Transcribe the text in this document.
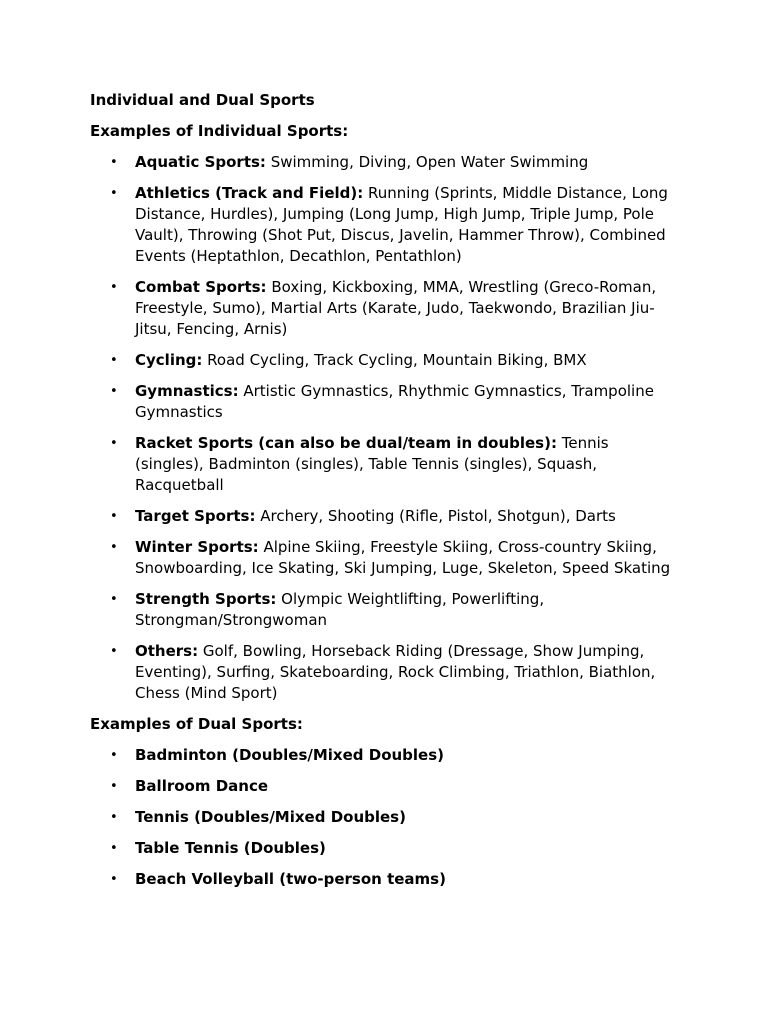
Individual and Dual Sports
Examples of Individual Sports:
• Aquatic Sports: Swimming, Diving, Open Water Swimming
• Athletics (Track and Field): Running (Sprints, Middle Distance, Long Distance, Hurdles), Jumping (Long Jump, High Jump, Triple Jump, Pole Vault), Throwing (Shot Put, Discus, Javelin, Hammer Throw), Combined Events (Heptathlon, Decathlon, Pentathlon)
• Combat Sports: Boxing, Kickboxing, MMA, Wrestling (Greco-Roman, Freestyle, Sumo), Martial Arts (Karate, Judo, Taekwondo, Brazilian Jiu-Jitsu, Fencing, Arnis)
• Cycling: Road Cycling, Track Cycling, Mountain Biking, BMX
• Gymnastics: Artistic Gymnastics, Rhythmic Gymnastics, Trampoline Gymnastics
• Racket Sports (can also be dual/team in doubles): Tennis (singles), Badminton (singles), Table Tennis (singles), Squash, Racquetball
• Target Sports: Archery, Shooting (Rifle, Pistol, Shotgun), Darts
• Winter Sports: Alpine Skiing, Freestyle Skiing, Cross-country Skiing, Snowboarding, Ice Skating, Ski Jumping, Luge, Skeleton, Speed Skating
• Strength Sports: Olympic Weightlifting, Powerlifting, Strongman/Strongwoman
• Others: Golf, Bowling, Horseback Riding (Dressage, Show Jumping, Eventing), Surfing, Skateboarding, Rock Climbing, Triathlon, Biathlon, Chess (Mind Sport)
Examples of Dual Sports:
• Badminton (Doubles/Mixed Doubles)
• Ballroom Dance
• Tennis (Doubles/Mixed Doubles)
• Table Tennis (Doubles)
• Beach Volleyball (two-person teams)
